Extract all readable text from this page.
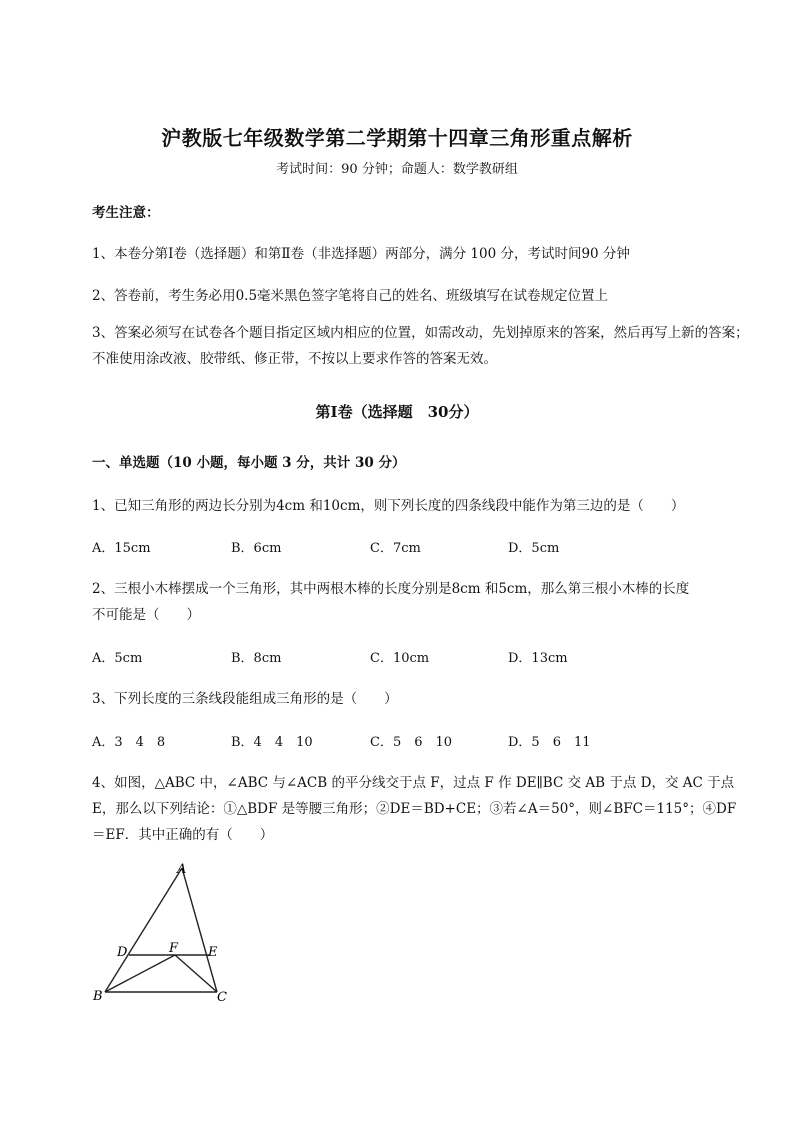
沪教版七年级数学第二学期第十四章三角形重点解析
考试时间：90 分钟；命题人：数学教研组
考生注意：
1、本卷分第Ⅰ卷（选择题）和第Ⅱ卷（非选择题）两部分，满分 100 分，考试时间90 分钟
2、答卷前，考生务必用0.5毫米黑色签字笔将自己的姓名、班级填写在试卷规定位置上
3、答案必须写在试卷各个题目指定区域内相应的位置，如需改动，先划掉原来的答案，然后再写上新的答案；不准使用涂改液、胶带纸、修正带，不按以上要求作答的答案无效。
第Ⅰ卷（选择题　30分）
一、单选题（10 小题，每小题 3 分，共计 30 分）
1、已知三角形的两边长分别为4cm 和10cm，则下列长度的四条线段中能作为第三边的是（　　）
A．15cm	B．6cm	C．7cm	D．5cm
2、三根小木棒摆成一个三角形，其中两根木棒的长度分别是8cm 和5cm，那么第三根小木棒的长度
不可能是（　　）
A．5cm	B．8cm	C．10cm	D．13cm
3、下列长度的三条线段能组成三角形的是（　　）
A．3　4　8	B．4　4　10	C．5　6　10	D．5　6　11
4、如图，△ABC 中，∠ABC 与∠ACB 的平分线交于点 F，过点 F 作 DE∥BC 交 AB 于点 D，交 AC 于点
E，那么以下列结论：①△BDF 是等腰三角形；②DE＝BD+CE；③若∠A＝50°，则∠BFC＝115°；④DF
＝EF．其中正确的有（　　）
A
B	C
D	E
F
